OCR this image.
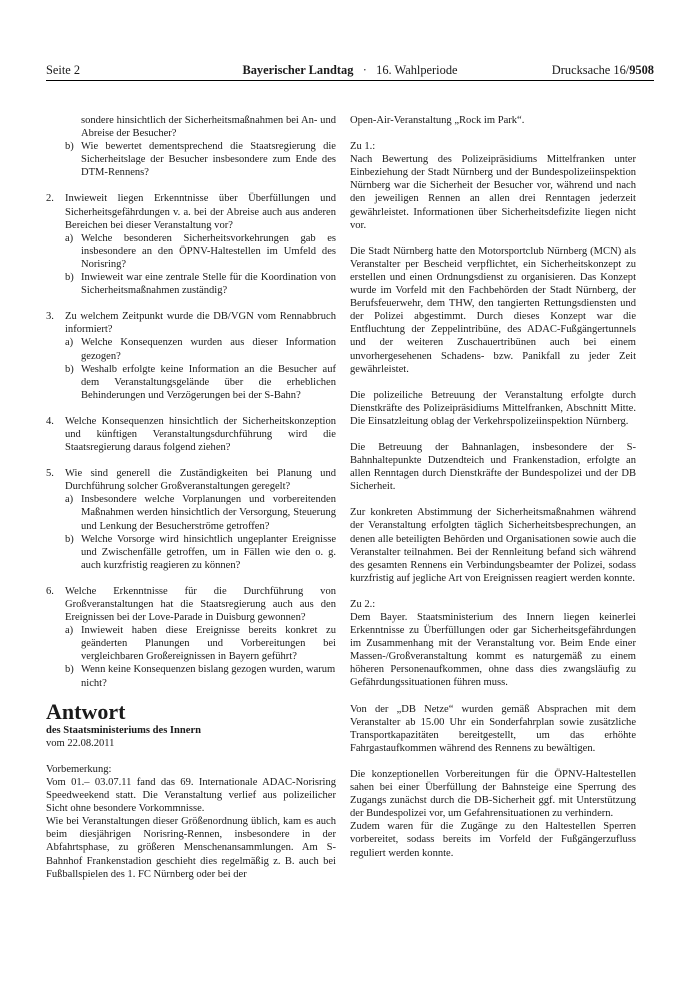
Seite 2	Bayerischer Landtag · 16. Wahlperiode	Drucksache 16/9508

sondere hinsichtlich der Sicherheitsmaßnahmen bei An- und Abreise der Besucher?

b) Wie bewertet dementsprechend die Staatsregierung die Sicherheitslage der Besucher insbesondere zum Ende des DTM-Rennens?

2. Inwieweit liegen Erkenntnisse über Überfüllungen und Sicherheitsgefährdungen v. a. bei der Abreise auch aus anderen Bereichen bei dieser Veranstaltung vor?

a) Welche besonderen Sicherheitsvorkehrungen gab es insbesondere an den ÖPNV-Haltestellen im Umfeld des Norisring?

b) Inwieweit war eine zentrale Stelle für die Koordination von Sicherheitsmaßnahmen zuständig?

3. Zu welchem Zeitpunkt wurde die DB/VGN vom Rennabbruch informiert?

a) Welche Konsequenzen wurden aus dieser Information gezogen?

b) Weshalb erfolgte keine Information an die Besucher auf dem Veranstaltungsgelände über die erheblichen Behinderungen und Verzögerungen bei der S-Bahn?

4. Welche Konsequenzen hinsichtlich der Sicherheitskonzeption und künftigen Veranstaltungsdurchführung wird die Staatsregierung daraus folgend ziehen?

5. Wie sind generell die Zuständigkeiten bei Planung und Durchführung solcher Großveranstaltungen geregelt?

a) Insbesondere welche Vorplanungen und vorbereitenden Maßnahmen werden hinsichtlich der Versorgung, Steuerung und Lenkung der Besucherströme getroffen?

b) Welche Vorsorge wird hinsichtlich ungeplanter Ereignisse und Zwischenfälle getroffen, um in Fällen wie den o. g. auch kurzfristig reagieren zu können?

6. Welche Erkenntnisse für die Durchführung von Großveranstaltungen hat die Staatsregierung auch aus den Ereignissen bei der Love-Parade in Duisburg gewonnen?

a) Inwieweit haben diese Ereignisse bereits konkret zu geänderten Planungen und Vorbereitungen bei vergleichbaren Großereignissen in Bayern geführt?

b) Wenn keine Konsequenzen bislang gezogen wurden, warum nicht?

Antwort

des Staatsministeriums des Innern

vom 22.08.2011

Vorbemerkung:

Vom 01.– 03.07.11 fand das 69. Internationale ADAC-Norisring Speedweekend statt. Die Veranstaltung verlief aus polizeilicher Sicht ohne besondere Vorkommnisse.

Wie bei Veranstaltungen dieser Größenordnung üblich, kam es auch beim diesjährigen Norisring-Rennen, insbesondere in der Abfahrtsphase, zu größeren Menschenansammlungen. Am S-Bahnhof Frankenstadion geschieht dies regelmäßig z. B. auch bei Fußballspielen des 1. FC Nürnberg oder bei der

Open-Air-Veranstaltung „Rock im Park“.

Zu 1.:

Nach Bewertung des Polizeipräsidiums Mittelfranken unter Einbeziehung der Stadt Nürnberg und der Bundespolizeiinspektion Nürnberg war die Sicherheit der Besucher vor, während und nach den jeweiligen Rennen an allen drei Renntagen jederzeit gewährleistet. Informationen über Sicherheitsdefizite liegen nicht vor.

Die Stadt Nürnberg hatte den Motorsportclub Nürnberg (MCN) als Veranstalter per Bescheid verpflichtet, ein Sicherheitskonzept zu erstellen und einen Ordnungsdienst zu organisieren. Das Konzept wurde im Vorfeld mit den Fachbehörden der Stadt Nürnberg, der Berufsfeuerwehr, dem THW, den tangierten Rettungsdiensten und der Polizei abgestimmt. Durch dieses Konzept war die Entfluchtung der Zeppelintribüne, des ADAC-Fußgängertunnels und der weiteren Zuschauertribünen auch bei einem unvorhergesehenen Schadens- bzw. Panikfall zu jeder Zeit gewährleistet.

Die polizeiliche Betreuung der Veranstaltung erfolgte durch Dienstkräfte des Polizeipräsidiums Mittelfranken, Abschnitt Mitte. Die Einsatzleitung oblag der Verkehrspolizeiinspektion Nürnberg.

Die Betreuung der Bahnanlagen, insbesondere der S-Bahnhaltepunkte Dutzendteich und Frankenstadion, erfolgte an allen Renntagen durch Dienstkräfte der Bundespolizei und der DB Sicherheit.

Zur konkreten Abstimmung der Sicherheitsmaßnahmen während der Veranstaltung erfolgten täglich Sicherheitsbesprechungen, an denen alle beteiligten Behörden und Organisationen sowie auch die Veranstalter teilnahmen. Bei der Rennleitung befand sich während des gesamten Rennens ein Verbindungsbeamter der Polizei, sodass kurzfristig auf jegliche Art von Ereignissen reagiert werden konnte.

Zu 2.:

Dem Bayer. Staatsministerium des Innern liegen keinerlei Erkenntnisse zu Überfüllungen oder gar Sicherheitsgefährdungen im Zusammenhang mit der Veranstaltung vor. Beim Ende einer Massen-/Großveranstaltung kommt es naturgemäß zu einem höheren Personenaufkommen, ohne dass dies zwangsläufig zu Gefährdungssituationen führen muss.

Von der „DB Netze“ wurden gemäß Absprachen mit dem Veranstalter ab 15.00 Uhr ein Sonderfahrplan sowie zusätzliche Transportkapazitäten bereitgestellt, um das erhöhte Fahrgastaufkommen während des Rennens zu bewältigen.

Die konzeptionellen Vorbereitungen für die ÖPNV-Haltestellen sahen bei einer Überfüllung der Bahnsteige eine Sperrung des Zugangs zunächst durch die DB-Sicherheit ggf. mit Unterstützung der Bundespolizei vor, um Gefahrensituationen zu verhindern.

Zudem waren für die Zugänge zu den Haltestellen Sperren vorbereitet, sodass bereits im Vorfeld der Fußgängerzufluss reguliert werden konnte.
